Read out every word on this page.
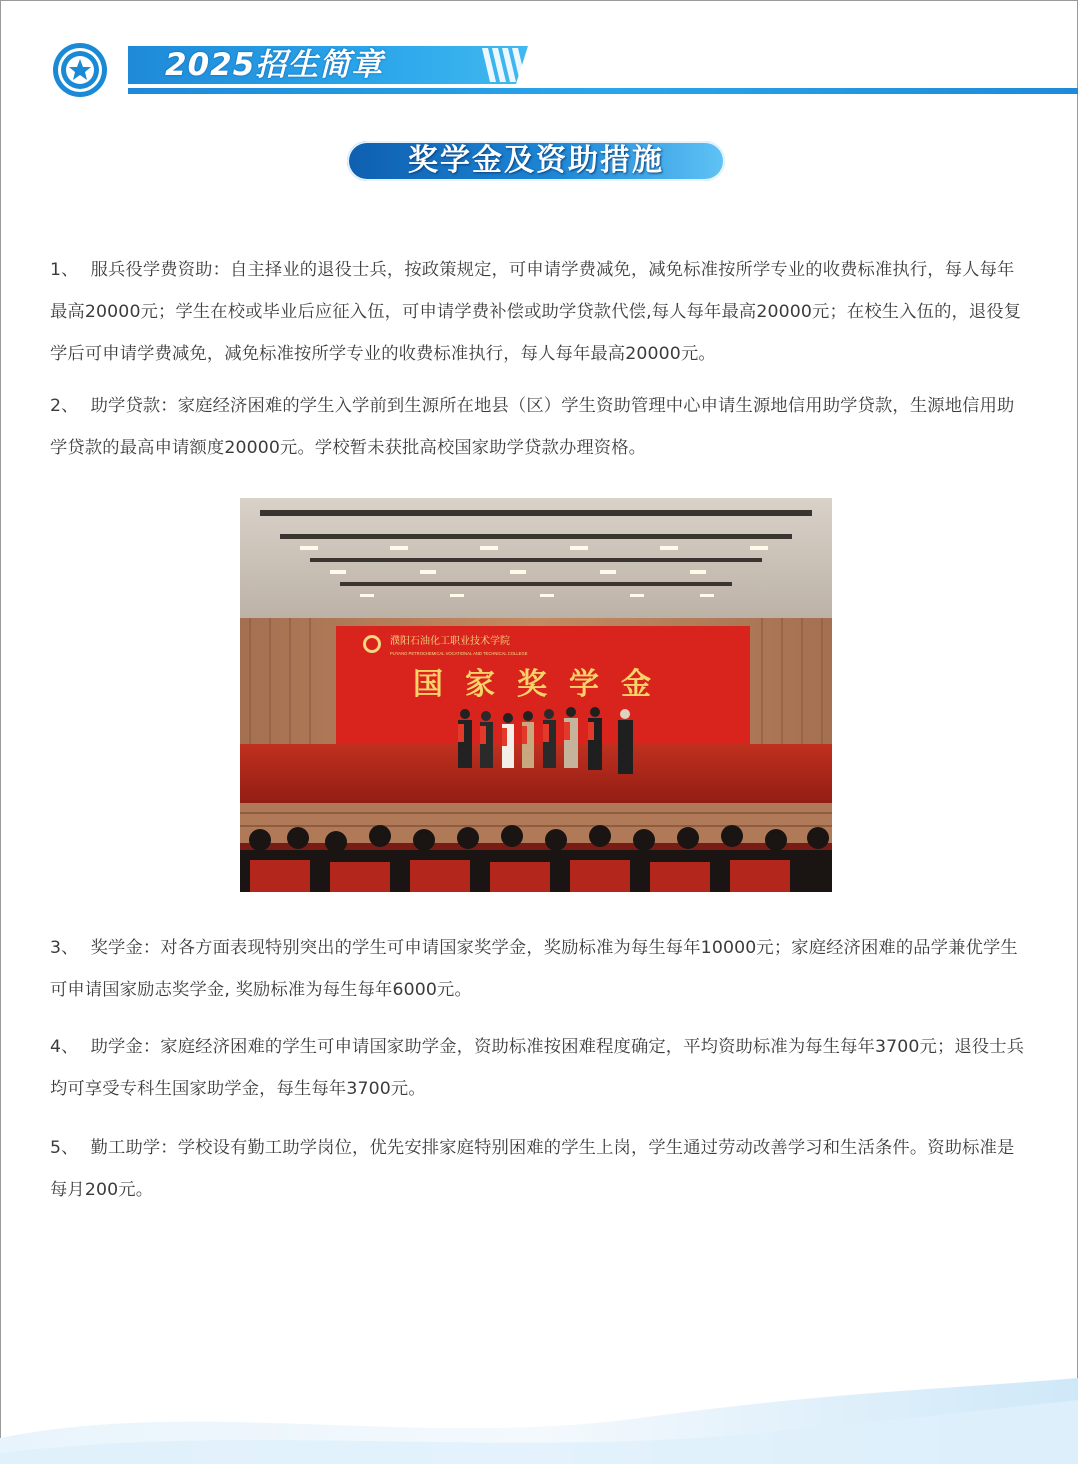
2025招生简章
奖学金及资助措施
1、 服兵役学费资助：自主择业的退役士兵，按政策规定，可申请学费减免，减免标准按所学专业的收费标准执行，每人每年最高20000元；学生在校或毕业后应征入伍，可申请学费补偿或助学贷款代偿,每人每年最高20000元；在校生入伍的，退役复学后可申请学费减免，减免标准按所学专业的收费标准执行，每人每年最高20000元。
2、 助学贷款：家庭经济困难的学生入学前到生源所在地县（区）学生资助管理中心申请生源地信用助学贷款，生源地信用助学贷款的最高申请额度20000元。学校暂未获批高校国家助学贷款办理资格。
濮阳石油化工职业技术学院
PUYANG PETROCHEMICAL VOCATIONAL AND TECHNICAL COLLEGE
国家奖学金
3、 奖学金：对各方面表现特别突出的学生可申请国家奖学金，奖励标准为每生每年10000元；家庭经济困难的品学兼优学生可申请国家励志奖学金, 奖励标准为每生每年6000元。
4、 助学金：家庭经济困难的学生可申请国家助学金，资助标准按困难程度确定，平均资助标准为每生每年3700元；退役士兵均可享受专科生国家助学金，每生每年3700元。
5、 勤工助学：学校设有勤工助学岗位，优先安排家庭特别困难的学生上岗，学生通过劳动改善学习和生活条件。资助标准是每月200元。
